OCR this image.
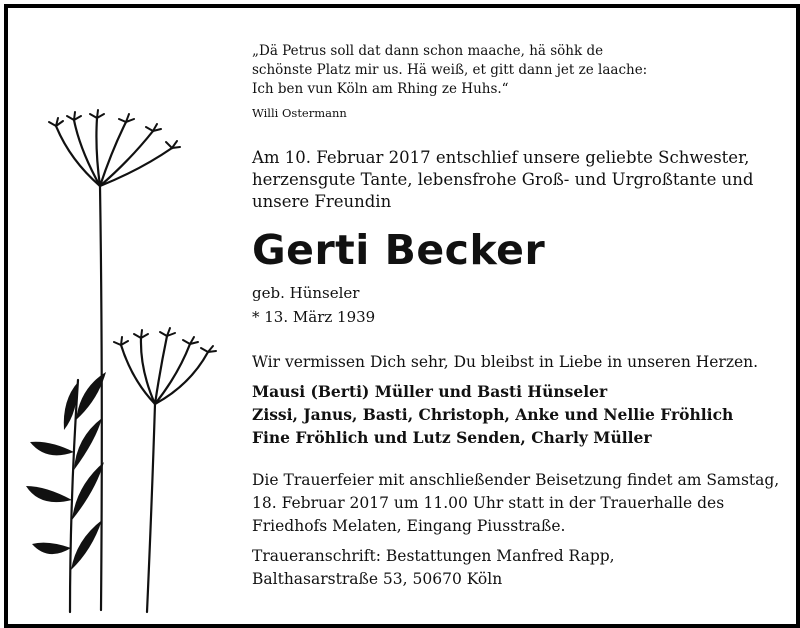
„Dä Petrus soll dat dann schon maache, hä söhk de
schönste Platz mir us. Hä weiß, et gitt dann jet ze laache:
Ich ben vun Köln am Rhing ze Huhs.“
Willi Ostermann
Am 10. Februar 2017 entschlief unsere geliebte Schwester,
herzensgute Tante, lebensfrohe Groß- und Urgroßtante und
unsere Freundin
Gerti Becker
geb. Hünseler
* 13. März 1939
Wir vermissen Dich sehr, Du bleibst in Liebe in unseren Herzen.
Mausi (Berti) Müller und Basti Hünseler
Zissi, Janus, Basti, Christoph, Anke und Nellie Fröhlich
Fine Fröhlich und Lutz Senden, Charly Müller
Die Trauerfeier mit anschließender Beisetzung findet am Samstag,
18. Februar 2017 um 11.00 Uhr statt in der Trauerhalle des
Friedhofs Melaten, Eingang Piusstraße.
Traueranschrift: Bestattungen Manfred Rapp,
Balthasarstraße 53, 50670 Köln
